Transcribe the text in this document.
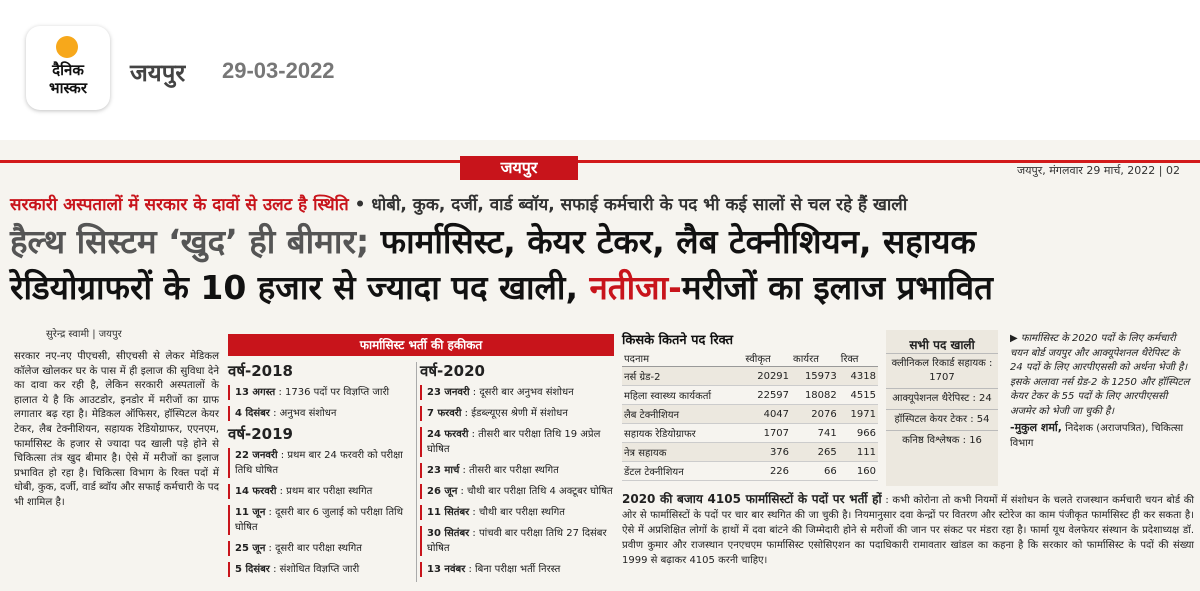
दैनिक
भास्कर
जयपुर 29-03-2022
जयपुर	जयपुर, मंगलवार 29 मार्च, 2022 | 02
सरकारी अस्पतालों में सरकार के दावों से उलट है स्थिति • धोबी, कुक, दर्जी, वार्ड ब्वॉय, सफाई कर्मचारी के पद भी कई सालों से चल रहे हैं खाली
हैल्थ सिस्टम ‘खुद’ ही बीमार; फार्मासिस्ट, केयर टेकर, लैब टेक्नीशियन, सहायक
रेडियोग्राफरों के 10 हजार से ज्यादा पद खाली, नतीजा-मरीजों का इलाज प्रभावित
सुरेन्द्र स्वामी | जयपुर
सरकार नए-नए पीएचसी, सीएचसी से लेकर मेडिकल कॉलेज खोलकर घर के पास में ही इलाज की सुविधा देने का दावा कर रही है, लेकिन सरकारी अस्पतालों के हालात ये है कि आउटडोर, इनडोर में मरीजों का ग्राफ लगातार बढ़ रहा है। मेडिकल ऑफिसर, हॉस्पिटल केयर टेकर, लैब टेक्नीशियन, सहायक रेडियोग्राफर, एएनएम, फार्मासिस्ट के हजार से ज्यादा पद खाली पड़े होने से चिकित्सा तंत्र खुद बीमार है। ऐसे में मरीजों का इलाज प्रभावित हो रहा है। चिकित्सा विभाग के रिक्त पदों में धोबी, कुक, दर्जी, वार्ड ब्वॉय और सफाई कर्मचारी के पद भी शामिल है।
फार्मासिस्ट भर्ती की हकीकत
वर्ष-2018
13 अगस्त : 1736 पदों पर विज्ञप्ति जारी
4 दिसंबर : अनुभव संशोधन
वर्ष-2019
22 जनवरी : प्रथम बार 24 फरवरी को परीक्षा तिथि घोषित
14 फरवरी : प्रथम बार परीक्षा स्थगित
11 जून : दूसरी बार 6 जुलाई को परीक्षा तिथि घोषित
25 जून : दूसरी बार परीक्षा स्थगित
5 दिसंबर : संशोधित विज्ञप्ति जारी
वर्ष-2020
23 जनवरी : दूसरी बार अनुभव संशोधन
7 फरवरी : ईडब्ल्यूएस श्रेणी में संशोधन
24 फरवरी : तीसरी बार परीक्षा तिथि 19 अप्रेल घोषित
23 मार्च : तीसरी बार परीक्षा स्थगित
26 जून : चौथी बार परीक्षा तिथि 4 अक्टूबर घोषित
11 सितंबर : चौथी बार परीक्षा स्थगित
30 सितंबर : पांचवी बार परीक्षा तिथि 27 दिसंबर घोषित
13 नवंबर : बिना परीक्षा भर्ती निरस्त
किसके कितने पद रिक्त
पदनाम	स्वीकृत	कार्यरत	रिक्त
नर्स ग्रेड-2	20291	15973	4318
महिला स्वास्थ्य कार्यकर्ता	22597	18082	4515
लैब टेक्नीशियन	4047	2076	1971
सहायक रेडियोग्राफर	1707	741	966
नेत्र सहायक	376	265	111
डेंटल टेक्नीशियन	226	66	160
सभी पद खाली
क्लीनिकल रिकार्ड सहायक : 1707
आक्यूपेशनल थैरेपिस्ट : 24
हॉस्पिटल केयर टेकर : 54
कनिष्ठ विश्लेषक : 16
▶ फार्मासिस्ट के 2020 पदों के लिए कर्मचारी चयन बोर्ड जयपुर और आक्यूपेशनल थैरेपिस्ट के 24 पदों के लिए आरपीएससी को अर्थना भेजी है। इसके अलावा नर्स ग्रेड-2 के 1250 और हॉस्पिटल केयर टेकर के 55 पदों के लिए आरपीएससी अजमेर को भेजी जा चुकी है।
-मुकुल शर्मा, निदेशक (अराजपत्रित), चिकित्सा विभाग
2020 की बजाय 4105 फार्मासिस्टों के पदों पर भर्ती हों : कभी कोरोना तो कभी नियमों में संशोधन के चलते राजस्थान कर्मचारी चयन बोर्ड की ओर से फार्मासिस्टों के पदों पर चार बार स्थगित की जा चुकी है। नियमानुसार दवा केन्द्रों पर वितरण और स्टोरेज का काम पंजीकृत फार्मासिस्ट ही कर सकता है। ऐसे में अप्रशिक्षित लोगों के हाथों में दवा बांटने की जिम्मेदारी होने से मरीजों की जान पर संकट पर मंडरा रहा है। फार्मा यूथ वेलफेयर संस्थान के प्रदेशाध्यक्ष डॉ. प्रवीण कुमार और राजस्थान एनएचएम फार्मासिस्ट एसोसिएशन का पदाधिकारी रामावतार खांडल का कहना है कि सरकार को फार्मासिस्ट के पदों की संख्या 1999 से बढ़ाकर 4105 करनी चाहिए।
